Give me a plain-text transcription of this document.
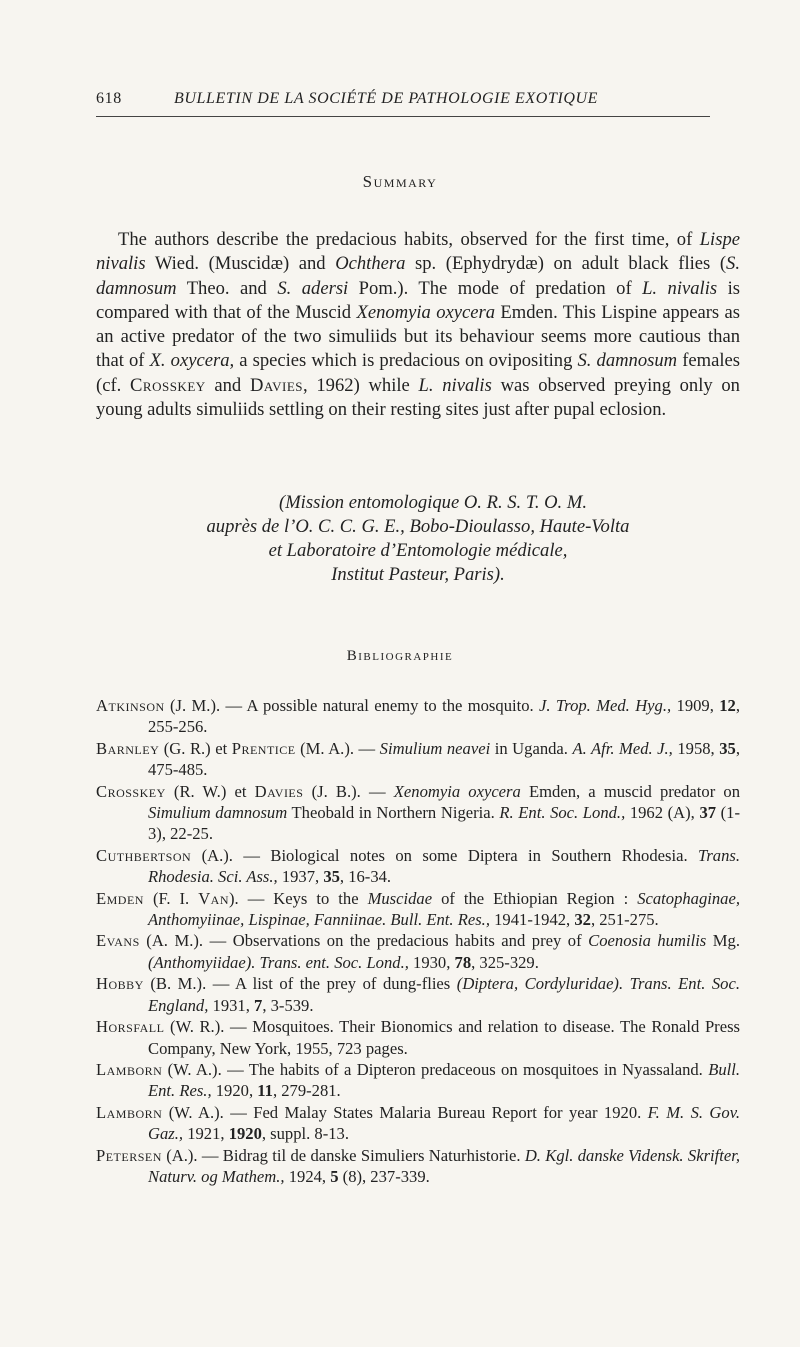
618	BULLETIN DE LA SOCIÉTÉ DE PATHOLOGIE EXOTIQUE
Summary

The authors describe the predacious habits, observed for the first time, of Lispe nivalis Wied. (Muscidæ) and Ochthera sp. (Ephydrydæ) on adult black flies (S. damnosum Theo. and S. adersi Pom.). The mode of predation of L. nivalis is compared with that of the Muscid Xenomyia oxycera Emden. This Lispine appears as an active predator of the two simuliids but its behaviour seems more cautious than that of X. oxycera, a species which is predacious on ovipositing S. damnosum females (cf. Crosskey and Davies, 1962) while L. nivalis was observed preying only on young adults simuliids settling on their resting sites just after pupal eclosion.

(Mission entomologique O. R. S. T. O. M.
auprès de l’O. C. C. G. E., Bobo-Dioulasso, Haute-Volta
et Laboratoire d’Entomologie médicale,
Institut Pasteur, Paris).
Bibliographie

Atkinson (J. M.). — A possible natural enemy to the mosquito. J. Trop. Med. Hyg., 1909, 12, 255-256.

Barnley (G. R.) et Prentice (M. A.). — Simulium neavei in Uganda. A. Afr. Med. J., 1958, 35, 475-485.

Crosskey (R. W.) et Davies (J. B.). — Xenomyia oxycera Emden, a muscid predator on Simulium damnosum Theobald in Northern Nigeria. R. Ent. Soc. Lond., 1962 (A), 37 (1-3), 22-25.

Cuthbertson (A.). — Biological notes on some Diptera in Southern Rhodesia. Trans. Rhodesia. Sci. Ass., 1937, 35, 16-34.

Emden (F. I. Van). — Keys to the Muscidae of the Ethiopian Region : Scatophaginae, Anthomyiinae, Lispinae, Fanniinae. Bull. Ent. Res., 1941-1942, 32, 251-275.

Evans (A. M.). — Observations on the predacious habits and prey of Coenosia humilis Mg. (Anthomyiidae). Trans. ent. Soc. Lond., 1930, 78, 325-329.

Hobby (B. M.). — A list of the prey of dung-flies (Diptera, Cordyluridae). Trans. Ent. Soc. England, 1931, 7, 3-539.

Horsfall (W. R.). — Mosquitoes. Their Bionomics and relation to disease. The Ronald Press Company, New York, 1955, 723 pages.

Lamborn (W. A.). — The habits of a Dipteron predaceous on mosquitoes in Nyassaland. Bull. Ent. Res., 1920, 11, 279-281.

Lamborn (W. A.). — Fed Malay States Malaria Bureau Report for year 1920. F. M. S. Gov. Gaz., 1921, 1920, suppl. 8-13.

Petersen (A.). — Bidrag til de danske Simuliers Naturhistorie. D. Kgl. danske Vidensk. Skrifter, Naturv. og Mathem., 1924, 5 (8), 237-339.
